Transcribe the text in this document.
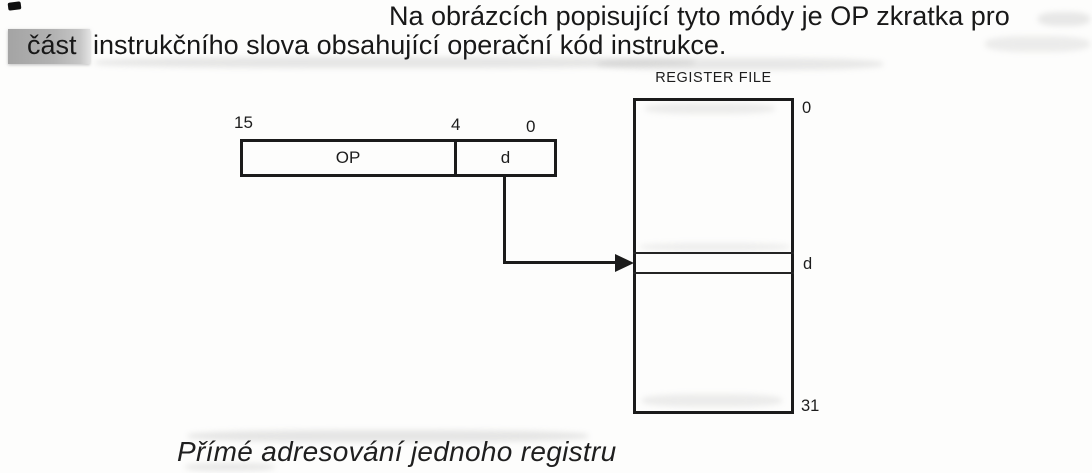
Na obrázcích popisující tyto módy je OP zkratka pro
část instrukčního slova obsahující operační kód instrukce.
15	4	0
OP	d
REGISTER FILE
0
d
31
Přímé adresování jednoho registru
